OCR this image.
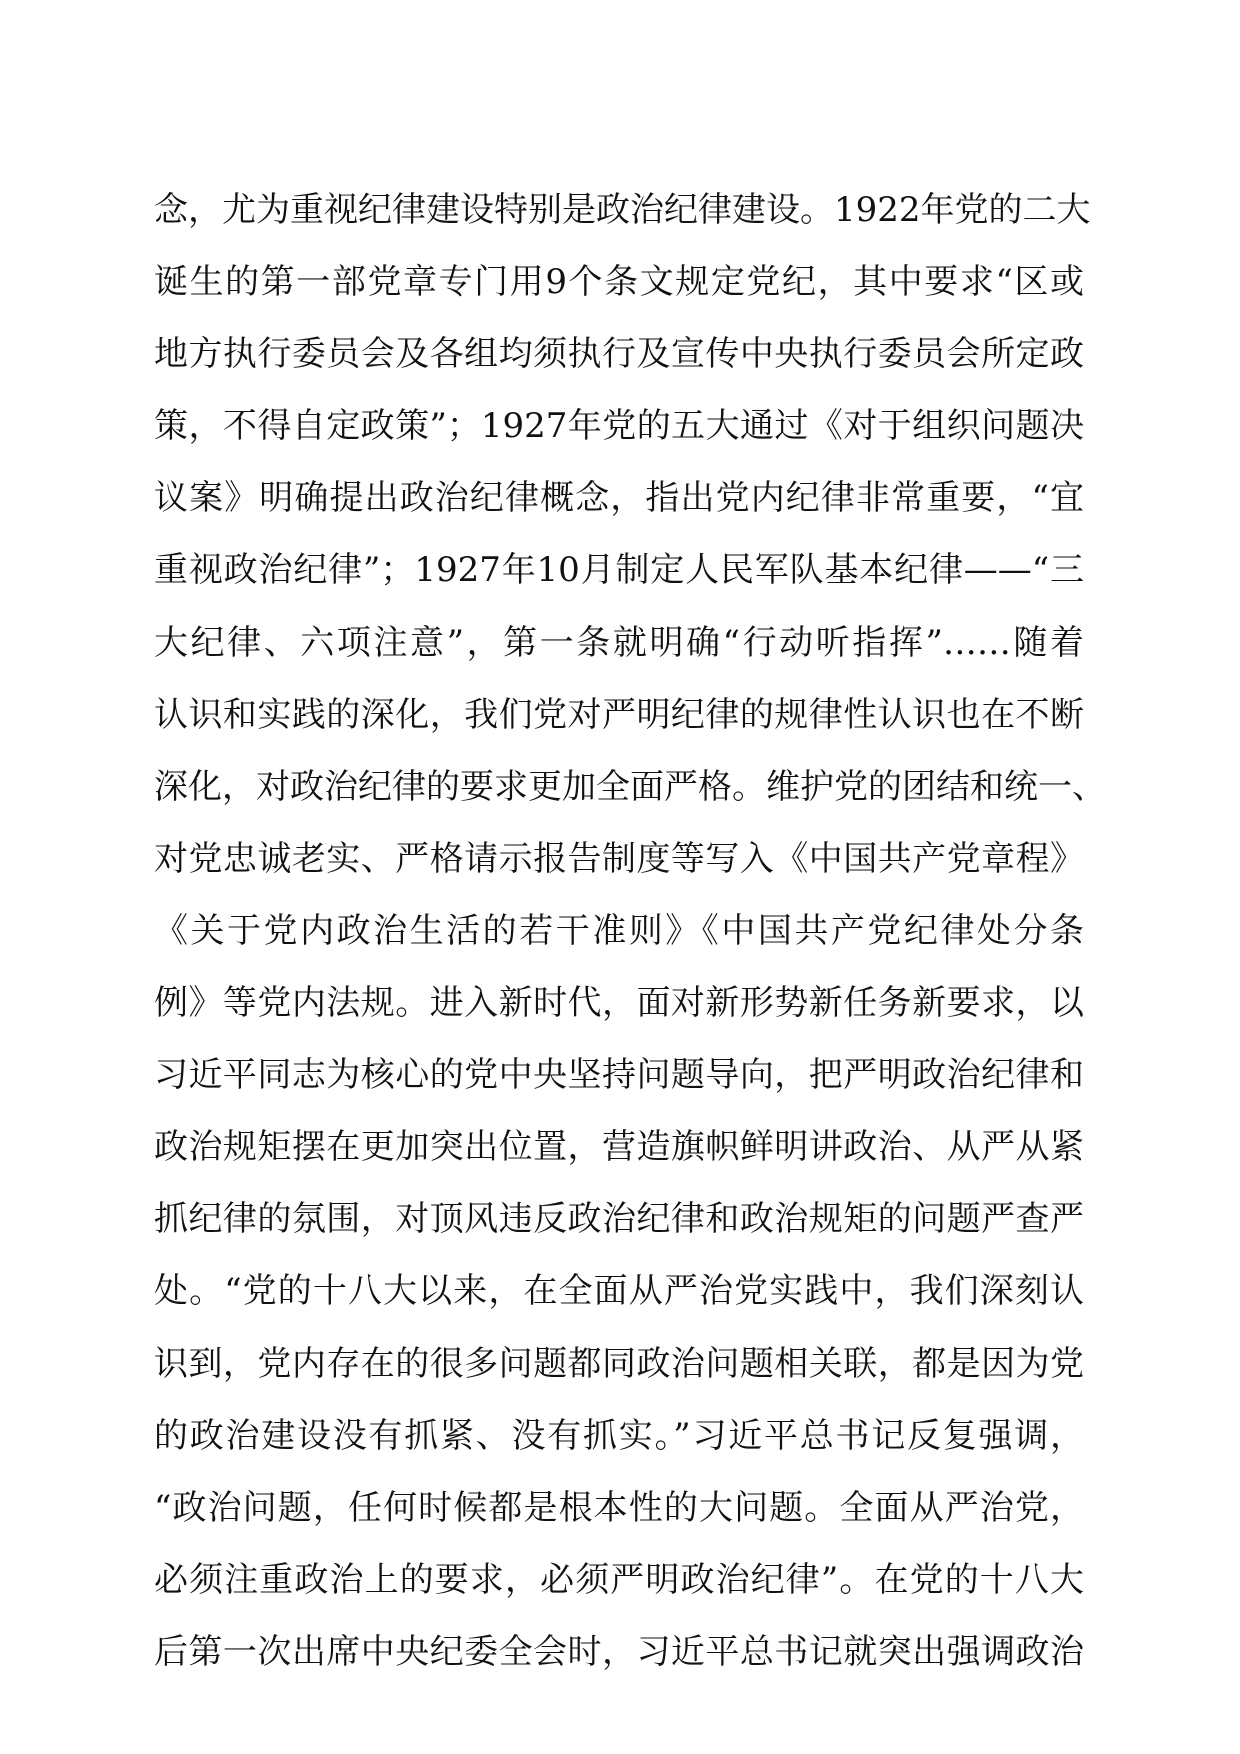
念，尤为重视纪律建设特别是政治纪律建设。1922年党的二大
诞生的第一部党章专门用9个条文规定党纪，其中要求“区或
地方执行委员会及各组均须执行及宣传中央执行委员会所定政
策，不得自定政策”；1927年党的五大通过《对于组织问题决
议案》明确提出政治纪律概念，指出党内纪律非常重要，“宜
重视政治纪律”；1927年10月制定人民军队基本纪律——“三
大纪律、六项注意”，第一条就明确“行动听指挥”……随着
认识和实践的深化，我们党对严明纪律的规律性认识也在不断
深化，对政治纪律的要求更加全面严格。维护党的团结和统一、
对党忠诚老实、严格请示报告制度等写入《中国共产党章程》
《关于党内政治生活的若干准则》《中国共产党纪律处分条
例》等党内法规。进入新时代，面对新形势新任务新要求，以
习近平同志为核心的党中央坚持问题导向，把严明政治纪律和
政治规矩摆在更加突出位置，营造旗帜鲜明讲政治、从严从紧
抓纪律的氛围，对顶风违反政治纪律和政治规矩的问题严查严
处。“党的十八大以来，在全面从严治党实践中，我们深刻认
识到，党内存在的很多问题都同政治问题相关联，都是因为党
的政治建设没有抓紧、没有抓实。”习近平总书记反复强调，
“政治问题，任何时候都是根本性的大问题。全面从严治党，
必须注重政治上的要求，必须严明政治纪律”。在党的十八大
后第一次出席中央纪委全会时，习近平总书记就突出强调政治
